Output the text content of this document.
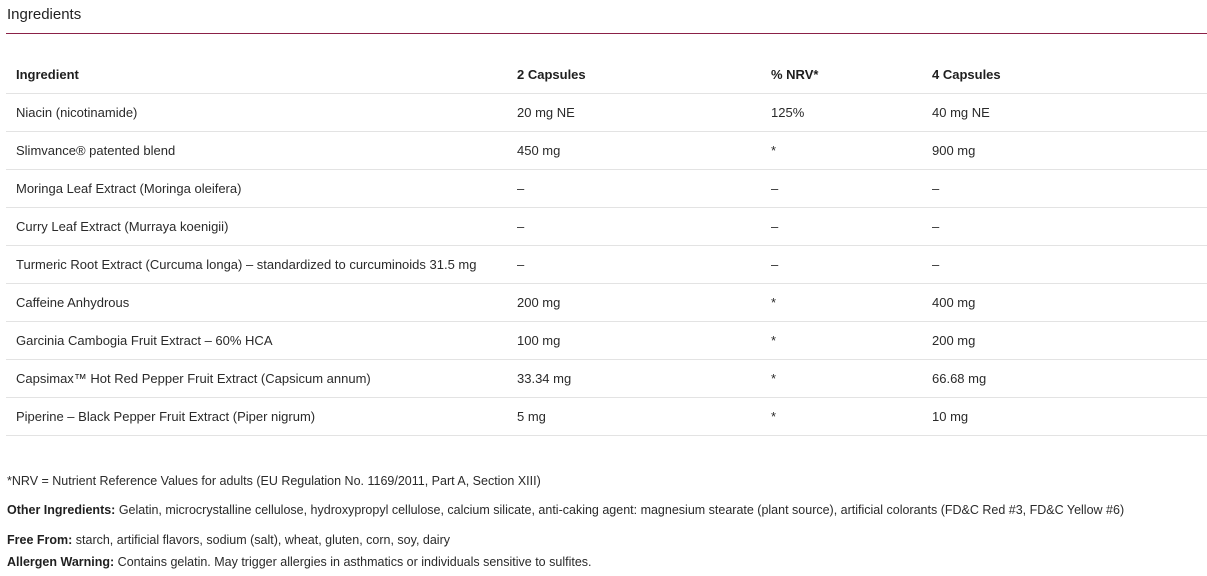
Ingredients
Ingredient	2 Capsules	% NRV*	4 Capsules
Niacin (nicotinamide)	20 mg NE	125%	40 mg NE
Slimvance® patented blend	450 mg	*	900 mg
Moringa Leaf Extract (Moringa oleifera)	–	–	–
Curry Leaf Extract (Murraya koenigii)	–	–	–
Turmeric Root Extract (Curcuma longa) – standardized to curcuminoids 31.5 mg	–	–	–
Caffeine Anhydrous	200 mg	*	400 mg
Garcinia Cambogia Fruit Extract – 60% HCA	100 mg	*	200 mg
Capsimax™ Hot Red Pepper Fruit Extract (Capsicum annum)	33.34 mg	*	66.68 mg
Piperine – Black Pepper Fruit Extract (Piper nigrum)	5 mg	*	10 mg

*NRV = Nutrient Reference Values for adults (EU Regulation No. 1169/2011, Part A, Section XIII)

Other Ingredients: Gelatin, microcrystalline cellulose, hydroxypropyl cellulose, calcium silicate, anti-caking agent: magnesium stearate (plant source), artificial colorants (FD&C Red #3, FD&C Yellow #6)

Free From: starch, artificial flavors, sodium (salt), wheat, gluten, corn, soy, dairy

Allergen Warning: Contains gelatin. May trigger allergies in asthmatics or individuals sensitive to sulfites.
